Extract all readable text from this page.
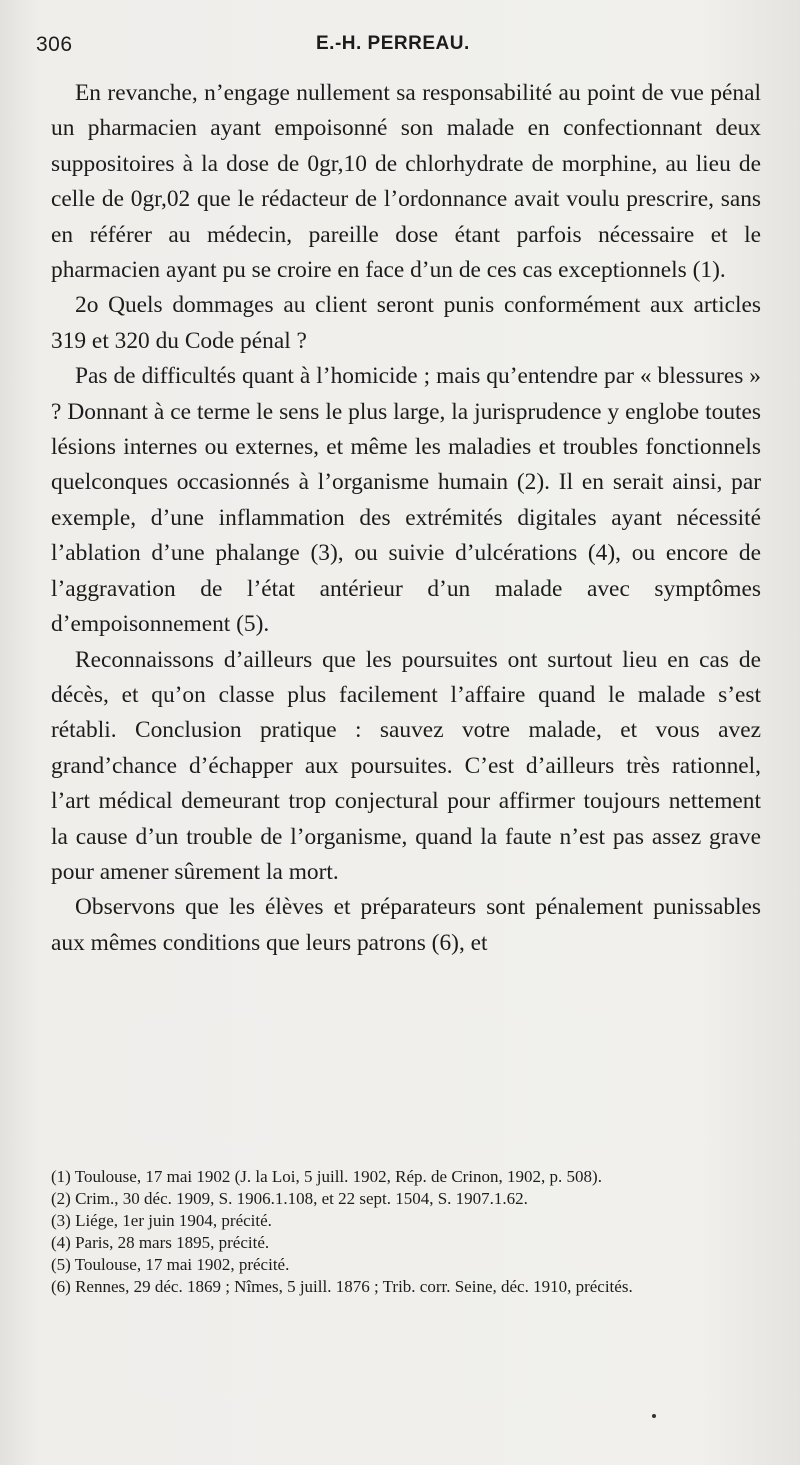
306	E.-H. PERREAU.

En revanche, n’engage nullement sa responsabilité au point de vue pénal un pharmacien ayant empoisonné son malade en confectionnant deux suppositoires à la dose de 0gr,10 de chlorhydrate de morphine, au lieu de celle de 0gr,02 que le rédacteur de l’ordonnance avait voulu prescrire, sans en référer au médecin, pareille dose étant parfois nécessaire et le pharmacien ayant pu se croire en face d’un de ces cas exceptionnels (1).

2o Quels dommages au client seront punis conformément aux articles 319 et 320 du Code pénal ?

Pas de difficultés quant à l’homicide ; mais qu’entendre par « blessures » ? Donnant à ce terme le sens le plus large, la jurisprudence y englobe toutes lésions internes ou externes, et même les maladies et troubles fonctionnels quelconques occasionnés à l’organisme humain (2). Il en serait ainsi, par exemple, d’une inflammation des extrémités digitales ayant nécessité l’ablation d’une phalange (3), ou suivie d’ulcérations (4), ou encore de l’aggravation de l’état antérieur d’un malade avec symptômes d’empoisonnement (5).

Reconnaissons d’ailleurs que les poursuites ont surtout lieu en cas de décès, et qu’on classe plus facilement l’affaire quand le malade s’est rétabli. Conclusion pratique : sauvez votre malade, et vous avez grand’chance d’échapper aux poursuites. C’est d’ailleurs très rationnel, l’art médical demeurant trop conjectural pour affirmer toujours nettement la cause d’un trouble de l’organisme, quand la faute n’est pas assez grave pour amener sûrement la mort.

Observons que les élèves et préparateurs sont pénalement punissables aux mêmes conditions que leurs patrons (6), et

(1) Toulouse, 17 mai 1902 (J. la Loi, 5 juill. 1902, Rép. de Crinon, 1902, p. 508).

(2) Crim., 30 déc. 1909, S. 1906.1.108, et 22 sept. 1504, S. 1907.1.62.

(3) Liége, 1er juin 1904, précité.

(4) Paris, 28 mars 1895, précité.

(5) Toulouse, 17 mai 1902, précité.

(6) Rennes, 29 déc. 1869 ; Nîmes, 5 juill. 1876 ; Trib. corr. Seine, déc. 1910, précités.
